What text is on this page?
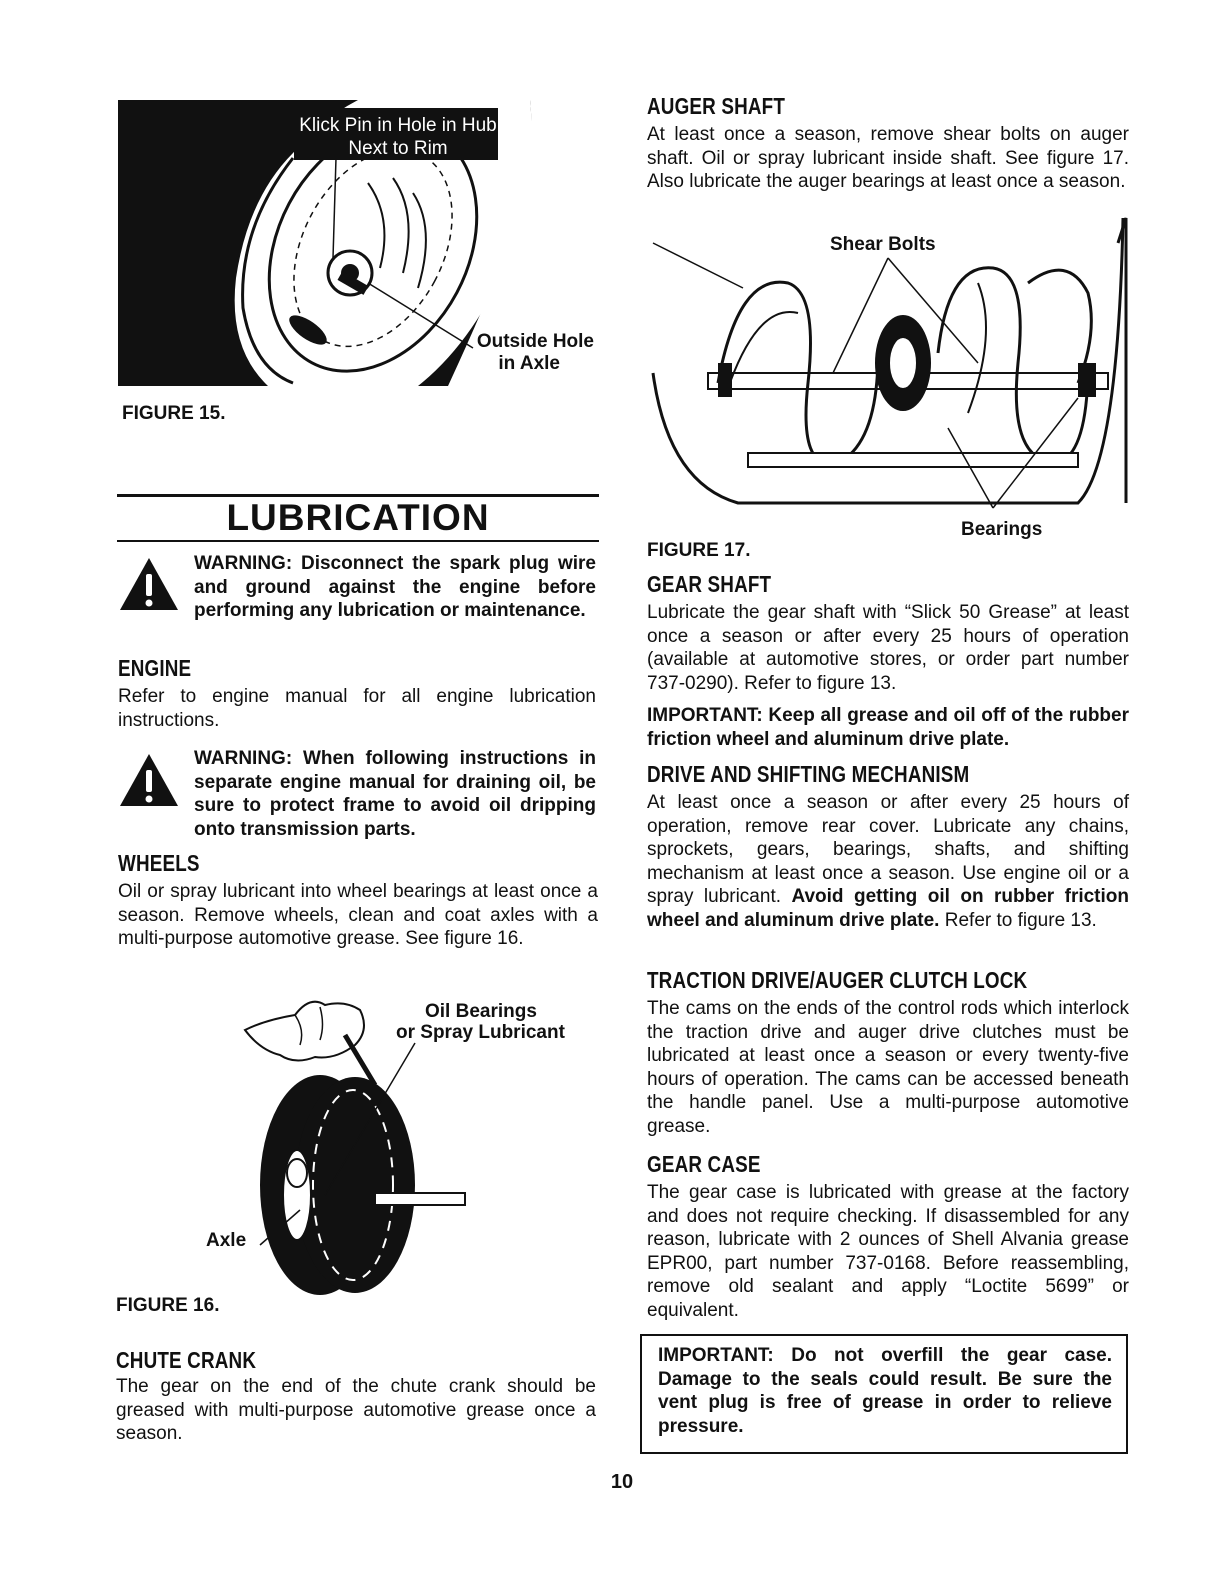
Klick Pin in Hole in Hub Next to Rim
Outside Hole
in Axle
FIGURE 15.
LUBRICATION
WARNING: Disconnect the spark plug wire and ground against the engine before performing any lubrication or maintenance.
ENGINE
Refer to engine manual for all engine lubrication instructions.
WARNING: When following instructions in separate engine manual for draining oil, be sure to protect frame to avoid oil dripping onto transmission parts.
WHEELS
Oil or spray lubricant into wheel bearings at least once a season. Remove wheels, clean and coat axles with a multi-purpose automotive grease. See figure 16.
Oil Bearings
or Spray Lubricant
Axle
FIGURE 16.
CHUTE CRANK
The gear on the end of the chute crank should be greased with multi-purpose automotive grease once a season.
AUGER SHAFT
At least once a season, remove shear bolts on auger shaft. Oil or spray lubricant inside shaft. See figure 17. Also lubricate the auger bearings at least once a season.
Shear Bolts
Bearings
FIGURE 17.
GEAR SHAFT
Lubricate the gear shaft with “Slick 50 Grease” at least once a season or after every 25 hours of operation (available at automotive stores, or order part number 737-0290). Refer to figure 13.
IMPORTANT: Keep all grease and oil off of the rubber friction wheel and aluminum drive plate.
DRIVE AND SHIFTING MECHANISM
At least once a season or after every 25 hours of operation, remove rear cover. Lubricate any chains, sprockets, gears, bearings, shafts, and shifting mechanism at least once a season. Use engine oil or a spray lubricant. Avoid getting oil on rubber friction wheel and aluminum drive plate. Refer to figure 13.
TRACTION DRIVE/AUGER CLUTCH LOCK
The cams on the ends of the control rods which interlock the traction drive and auger drive clutches must be lubricated at least once a season or every twenty-five hours of operation. The cams can be accessed beneath the handle panel. Use a multi-purpose automotive grease.
GEAR CASE
The gear case is lubricated with grease at the factory and does not require checking. If disassembled for any reason, lubricate with 2 ounces of Shell Alvania grease EPR00, part number 737-0168. Before reassembling, remove old sealant and apply “Loctite 5699” or equivalent.
IMPORTANT: Do not overfill the gear case. Damage to the seals could result. Be sure the vent plug is free of grease in order to relieve pressure.
10
